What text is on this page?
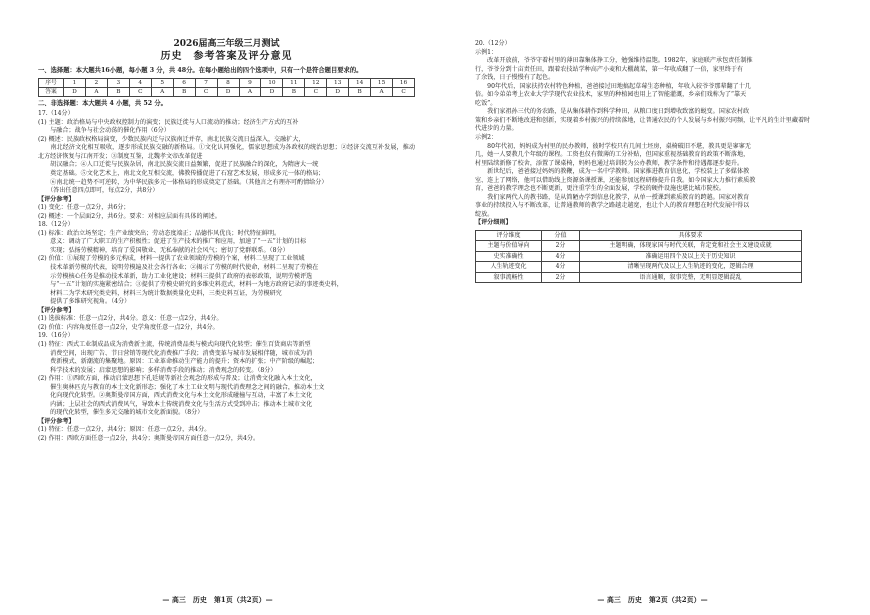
2026届高三年级三月测试

历史　参考答案及评分意见

一、选择题：本大题共16小题，每小题 3 分，共 48分。在每小题给出的四个选项中，只有一个是符合题目要求的。

序号	1	2	3	4	5	6	7	8	9	10	11	12	13	14	15	16
答案	D	A	B	C	A	B	C	D	A	D	B	C	D	B	A	C

二、非选择题：本大题共 4 小题，共 52 分。

17.（14分）

(1) 主题：政治格局与中央政权控制力的演变；民族迁徙与人口流动的推动；经济生产方式的互补

　　与融合；战争与社会动荡的催化作用（6分）

(2) 概述：民族政权格局演变，少数民族内迁与汉族南迁并存，南北民族交流日益深入，交融扩大，

　　南北经济文化相互吸收，逐步形成民族交融的新格局。①文化认同强化，儒家思想成为各政权的统治思想；②经济交流互补发展，推动北方经济恢复与江南开发；③制度互鉴，北魏孝文帝改革促进

　　胡汉融合；④人口迁徙与民族杂居，南北民族交流日益频繁，促进了民族融合的深化，为隋唐大一统

　　奠定基础。⑤文化艺术上，南北文化互相交流，佛教传播促进了石窟艺术发展，形成多元一体的格局；

　　⑥南北统一趋势不可逆转，为中华民族多元一体格局的形成奠定了基础。（其他言之有理亦可酌情给分）

　　（答出任意四点即可，每点2分，共8分）

【评分参考】

(1) 变化：任意一点2分，共6分；

(2) 概述：一个层面2分，共6分。要求：对相应层面有具体的阐述。

18.（12分）

(1) 标准：政治立场坚定；生产业绩突出；劳动态度端正；品德作风优良；时代特征鲜明。

　　意义：调动了广大职工的生产积极性；促进了生产技术的推广和应用，加速了“一五”计划的目标

　　实现；弘扬劳模精神，培育了爱国敬业、无私奉献的社会风气；密切了党群联系。（8分）

(2) 价值：①展现了劳模的多元构成，材料一提供了农业领域的劳模的个案，材料二呈现了工业领域

　　技术革新劳模的代表，说明劳模遍及社会各行各业；②揭示了劳模的时代使命，材料二呈现了劳模在

　　示劳模核心任务是推动技术革新，助力工业化建设；材料三提供了政府的表彰政策，说明劳模评选

　　与“一五”计划的实施紧密结合；③提供了劳模史研究的多维史料范式，材料一为地方政府记录的事迹类史料，

　　材料二为学术研究类史料，材料三为统计数据类量化史料，三类史料互证，为劳模研究

　　提供了多维研究视角。（4分）

【评分参考】

(1) 选拔标准：任意一点2分，共4分。意义：任意一点2分，共4分。

(2) 价值：内容角度任意一点2分，史学角度任意一点2分，共4分。

19.（16分）

(1) 特征：西式工业制成品成为消费新主流，传统消费品类与模式向现代化转型；催生百货商店等新型

　　消费空间，出现广告、节日营销等现代化消费推广手段；消费变革与城市发展相伴随，城市成为消

　　费新模式、新潮流的集聚地。原因：工业革命推动生产能力的提升；资本的扩张；中产阶级的崛起；

　　科学技术的发展；启蒙思想的影响；多样消费手段的推动；消费观念的转变。（8分）

(2) 作用：①西欧方面，推动启蒙思想下孔廷规等新社会观念的形成与普及；让消费文化融入本土文化，

　　催生奥林匹克与教育的本土文化新形态；强化了本土工业文明与现代消费理念之间的融合，推动本土文

　　化向现代化转型。②奥斯曼帝国方面，西式消费文化与本土文化形成碰撞与互动，丰富了本土文化

　　内涵；上层社会的西式消费风气，导致本土传统消费文化与生活方式受到冲击；推动本土城市文化

　　的现代化转型，催生多元交融的城市文化新面貌。（8分）

【评分参考】

(1) 特征：任意一点2分，共4分；原因：任意一点2分，共4分。

(2) 作用：西欧方面任意一点2分，共4分；奥斯曼帝国方面任意一点2分，共4分。

— 高三　历史　第1页（共2页）—

20.（12分）

示例1：

　　改革开放前，爷爷守着村里的薄田靠集体挣工分，勉强维持温饱。1982年，家庭联产承包责任制推

行，爷爷分到十亩责任田，跟着农技站学种高产小麦和大棚蔬菜，第一年收成翻了一倍，家里终于有

了余钱，日子慢慢有了起色。

　　90年代后，国家扶持农村特色种植，爸爸接过田地搞起草莓生态种植，年收入较爷爷那辈翻了十几

倍。如今弟弟考上农业大学学现代农业技术，家里的种植园也用上了智能灌溉，乡亲们戏称为了“靠天

吃饭”。

　　我们家祖孙三代的务农路，是从集体耕作到科学种田，从粮口度日到增收致富的蜕变。国家农村政

策和乡亲们不断地改进和创新，实现着乡村振兴的持续落地，让普通农民的个人发展与乡村振兴同频，让平凡的生计里藏着时

代进步的力量。

示例2：

　　80年代初，妈妈成为村里的民办教师，彼时学校只有几间土坯房，桌椅破旧不堪，教具更是寥寥无

几，她一人要教几个年级的课程。工资也仅有微薄的工分补贴，但国家重视基础教育的政策不断落地，

村里陆续新修了校舍，添置了课桌椅，妈妈也通过培训转为公办教师，教学条件和待遇都逐步提升。

　　新世纪后，爸爸接过妈妈的教鞭，成为一名中学教师。国家推进教育信息化，学校装上了多媒体教

室、连上了网络，他可以借助线上资源备课授课，还能参加远程研修提升自我。如今国家大力推行素质教

育，爸爸的教学理念也不断更新，更注重学生的全面发展，学校的硬件设施也堪比城市院校。

　　我们家两代人的教书路，是从简陋办学到信息化教学，从单一授课到素质教育的跨越。国家对教育

事业的持续投入与不断改革，让普通教师的教学之路越走越宽，也让个人的教育理想在时代发展中得以

绽放。

【评分细则】

评分维度	分值	具体要求
主题与价值导向	2分	主题明确，体现家国与时代关联，肯定党和社会主义建设成就
史实准确性	4分	准确运用四个及以上关于历史知识
人生轨迹变化	4分	清晰呈现两代及以上人生轨迹的变化，逻辑合理
叙事流畅性	2分	语言通顺，叙事完整，无明显逻辑混乱
— 高三　历史　第2页（共2页）—
